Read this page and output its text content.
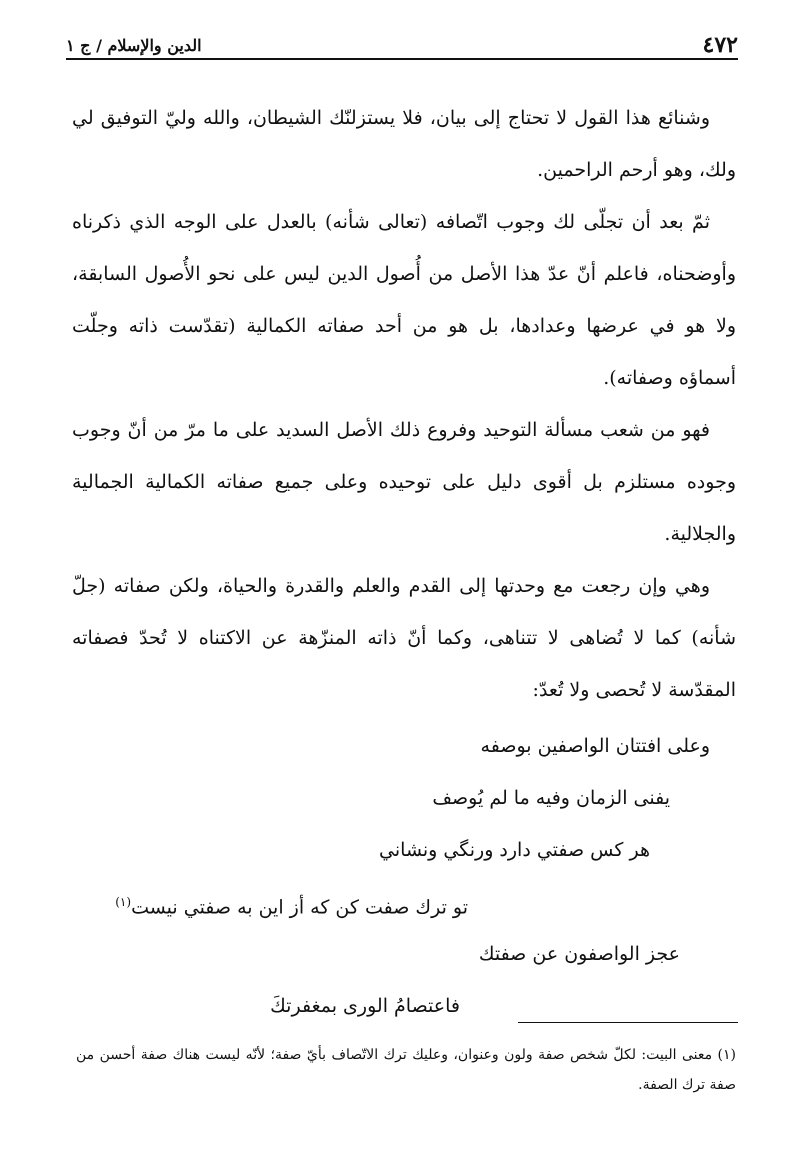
٤٧٢
الدين والإسلام / ج ١

وشنائع هذا القول لا تحتاج إلى بيان، فلا يستزلنّك الشيطان، والله وليّ التوفيق لي ولك، وهو أرحم الراحمين.

ثمّ بعد أن تجلّى لك وجوب اتّصافه (تعالى شأنه) بالعدل على الوجه الذي ذكرناه وأوضحناه، فاعلم أنّ عدّ هذا الأصل من أُصول الدين ليس على نحو الأُصول السابقة، ولا هو في عرضها وعدادها، بل هو من أحد صفاته الكمالية (تقدّست ذاته وجلّت أسماؤه وصفاته).

فهو من شعب مسألة التوحيد وفروع ذلك الأصل السديد على ما مرّ من أنّ وجوب وجوده مستلزم بل أقوى دليل على توحيده وعلى جميع صفاته الكمالية الجمالية والجلالية.

وهي وإن رجعت مع وحدتها إلى القدم والعلم والقدرة والحياة، ولكن صفاته (جلّ شأنه) كما لا تُضاهى لا تتناهى، وكما أنّ ذاته المنزّهة عن الاكتناه لا تُحدّ فصفاته المقدّسة لا تُحصى ولا تُعدّ:

وعلى افتتان الواصفين بوصفه
يفنى الزمان وفيه ما لم يُوصف
هر كس صفتي دارد ورنگي ونشاني
تو ترك صفت كن كه أز اين به صفتي نيست$^{(١)}$
عجز الواصفون عن صفتك
فاعتصامُ الورى بمغفرتكَ

(١) معنى البيت: لكلّ شخص صفة ولون وعنوان، وعليك ترك الاتّصاف بأيّ صفة؛ لأنّه ليست هناك صفة أحسن من صفة ترك الصفة.
